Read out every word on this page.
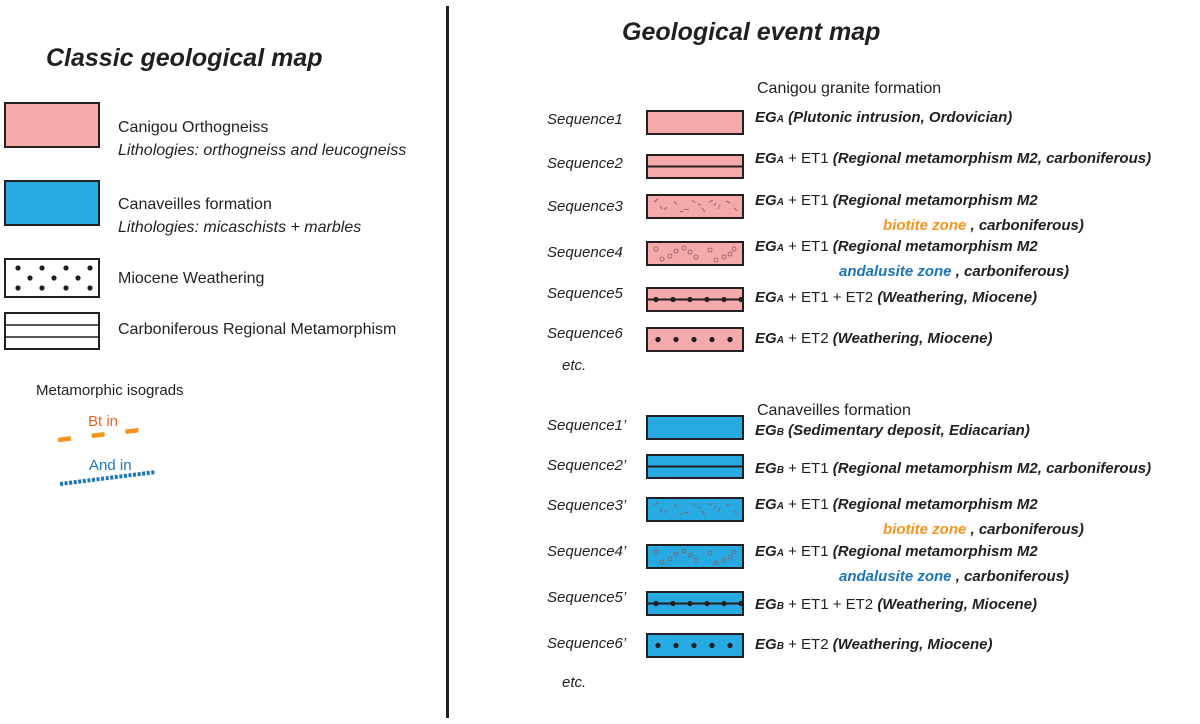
Classic geological map
Canigou Orthogneiss
Lithologies: orthogneiss and leucogneiss
Canaveilles formation
Lithologies: micaschists + marbles
Miocene Weathering
Carboniferous Regional Metamorphism
Metamorphic isograds
Bt in
And in
Geological event map
Canigou granite formation
Sequence1	EGA (Plutonic intrusion, Ordovician)
Sequence2	EGA + ET1 (Regional metamorphism M2, carboniferous)
Sequence3	EGA + ET1 (Regional metamorphism M2
biotite zone , carboniferous)
Sequence4	EGA + ET1 (Regional metamorphism M2
andalusite zone , carboniferous)
Sequence5	EGA + ET1 + ET2 (Weathering, Miocene)
Sequence6	EGA + ET2 (Weathering, Miocene)
etc.
Canaveilles formation
Sequence1’	EGB (Sedimentary deposit, Ediacarian)
Sequence2’	EGB + ET1 (Regional metamorphism M2, carboniferous)
Sequence3’	EGA + ET1 (Regional metamorphism M2
biotite zone , carboniferous)
Sequence4’	EGA + ET1 (Regional metamorphism M2
andalusite zone , carboniferous)
Sequence5’	EGB + ET1 + ET2 (Weathering, Miocene)
Sequence6’	EGB + ET2 (Weathering, Miocene)
etc.
